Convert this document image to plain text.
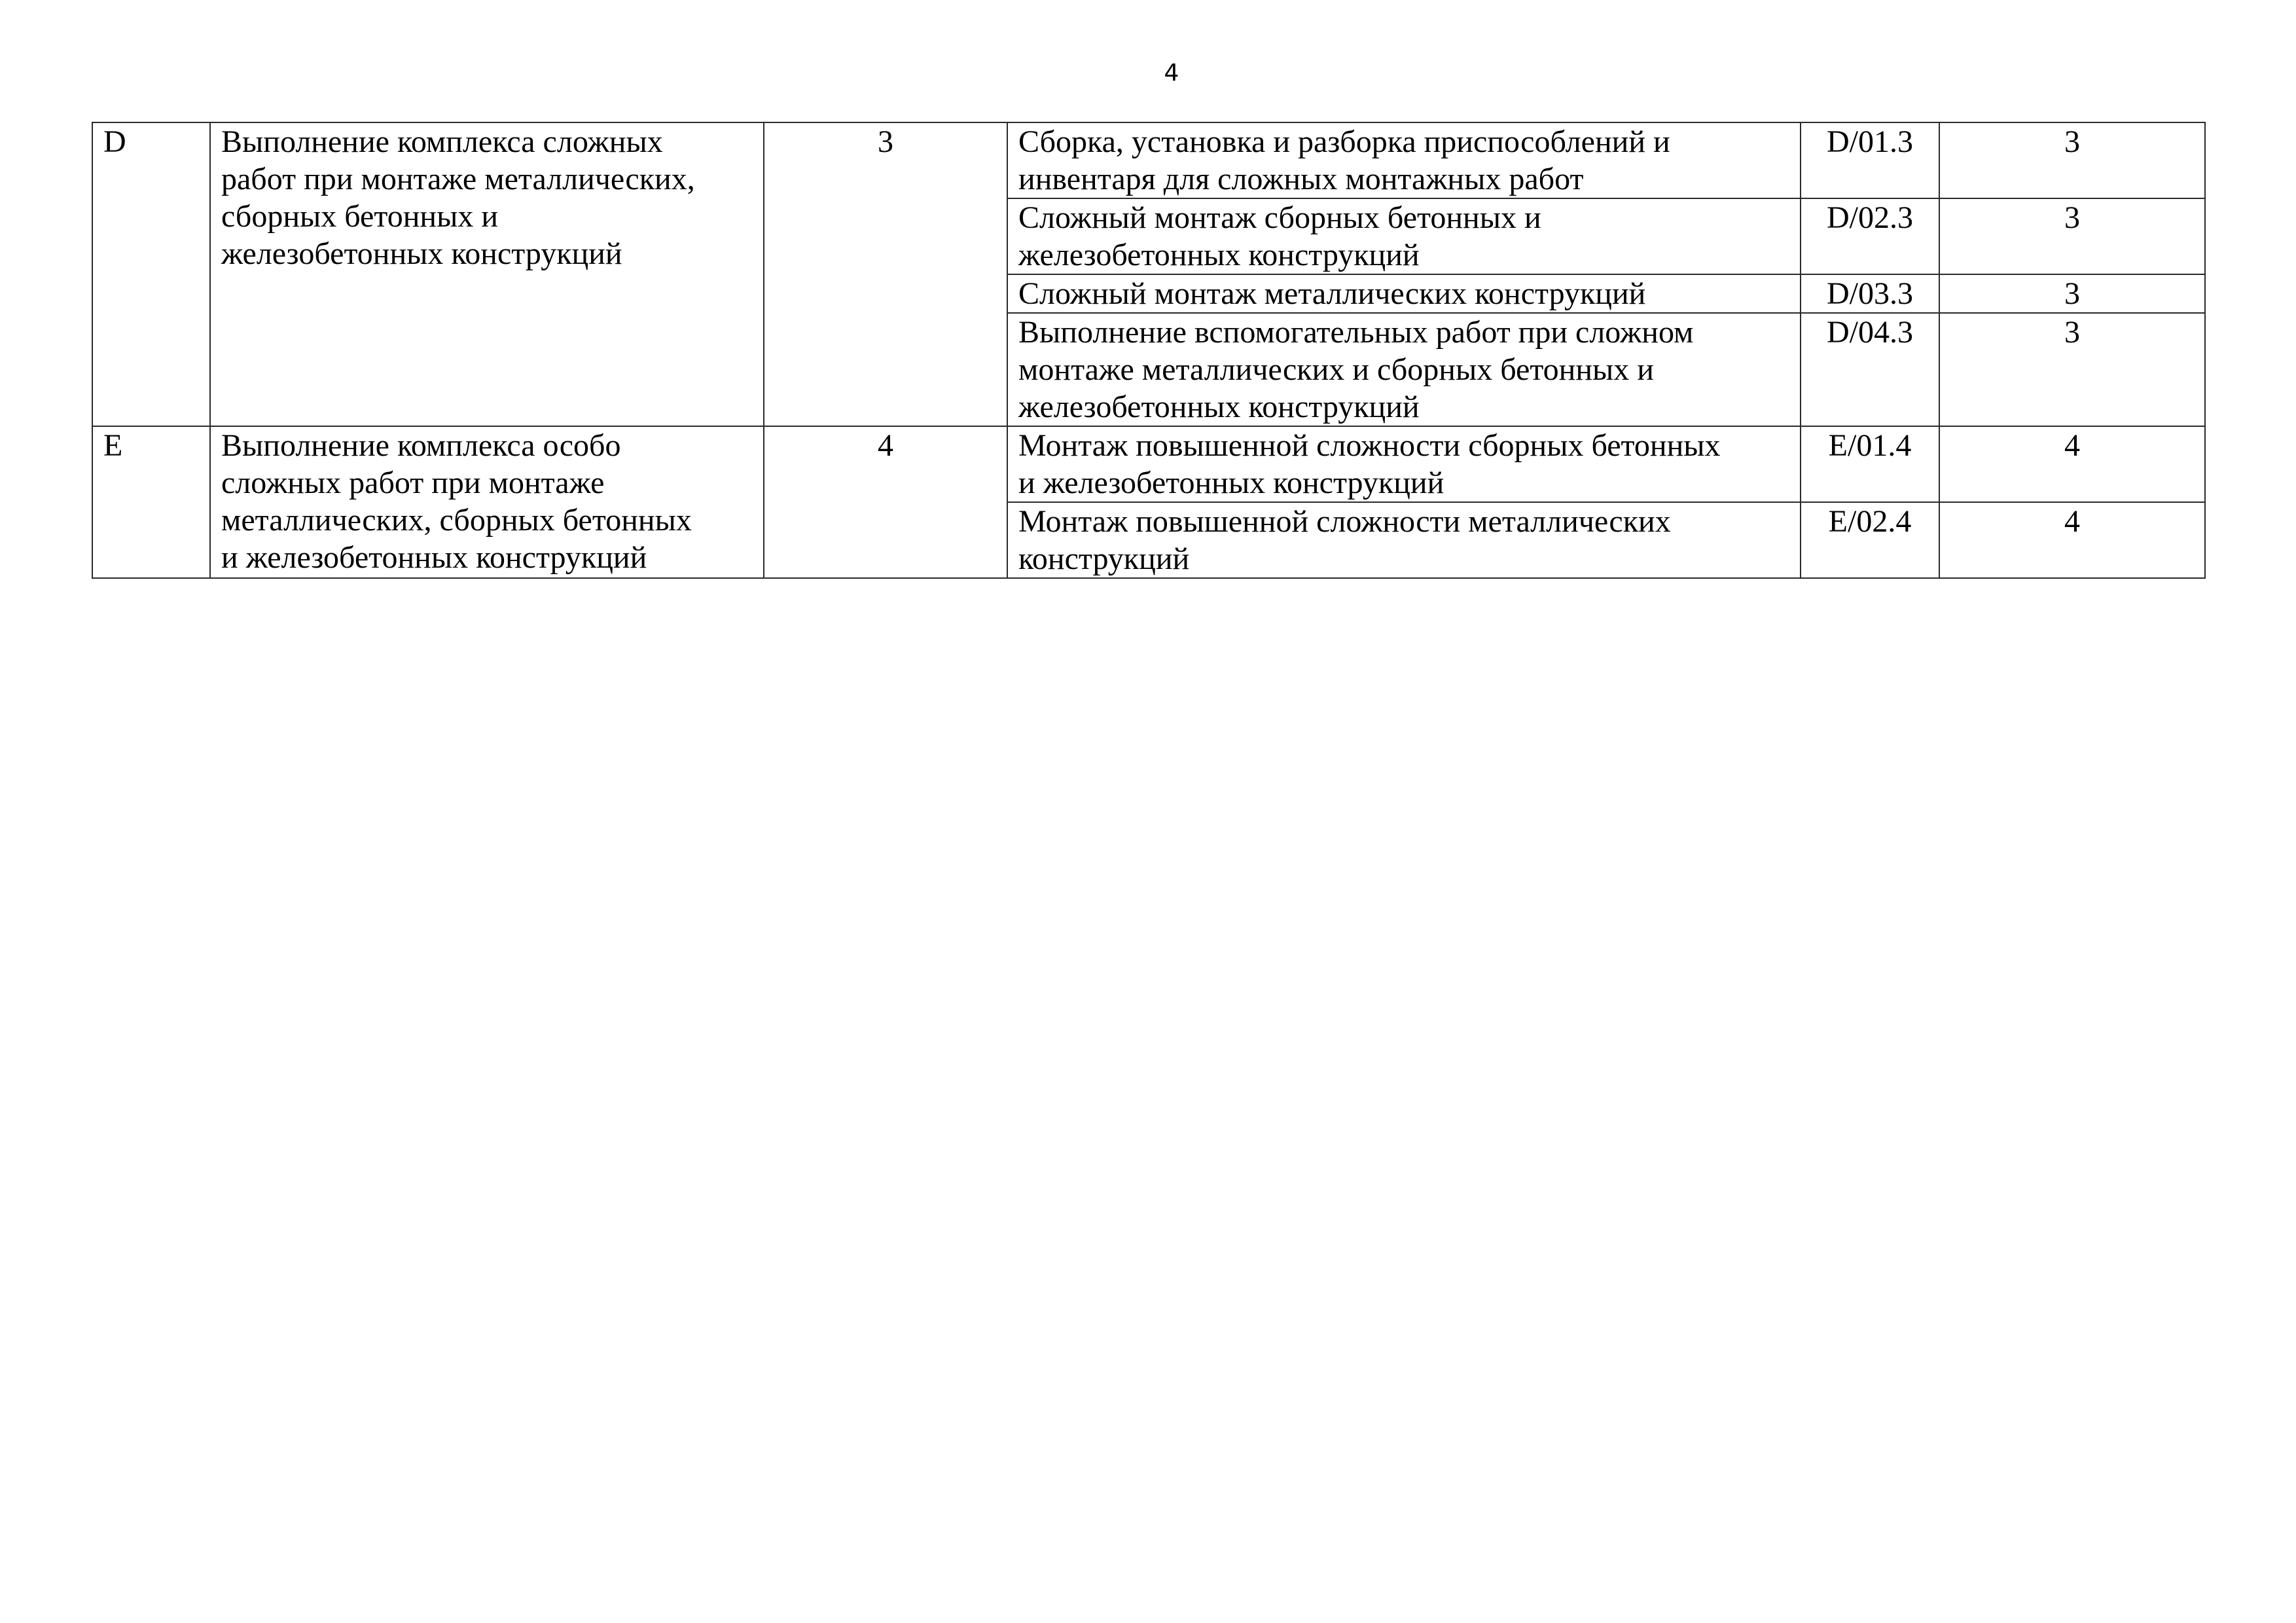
4
D	Выполнение комплекса сложных
работ при монтаже металлических,
сборных бетонных и
железобетонных конструкций	3	Сборка, установка и разборка приспособлений и
инвентаря для сложных монтажных работ	D/01.3	3

			Сложный монтаж сборных бетонных и
железобетонных конструкций	D/02.3	3

			Сложный монтаж металлических конструкций	D/03.3	3

			Выполнение вспомогательных работ при сложном
монтаже металлических и сборных бетонных и
железобетонных конструкций	D/04.3	3
E	Выполнение комплекса особо
сложных работ при монтаже
металлических, сборных бетонных
и железобетонных конструкций	4	Монтаж повышенной сложности сборных бетонных
и железобетонных конструкций	E/01.4	4

			Монтаж повышенной сложности металлических
конструкций	E/02.4	4
